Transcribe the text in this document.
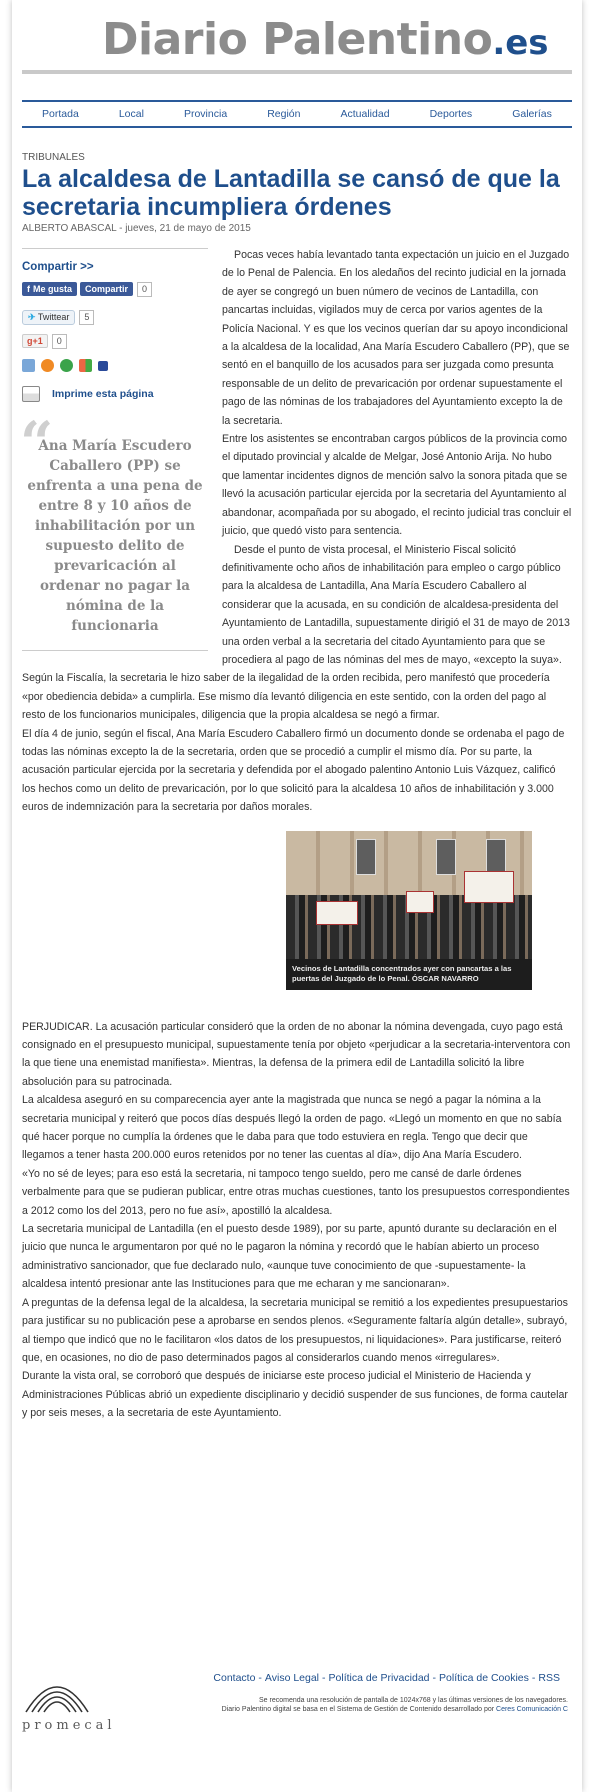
Diario Palentino.es
Portada	Local	Provincia	Región	Actualidad	Deportes	Galerías
TRIBUNALES
La alcaldesa de Lantadilla se cansó de que la secretaria incumpliera órdenes
ALBERTO ABASCAL - jueves, 21 de mayo de 2015
Compartir >>
f Me gusta	Compartir	0
✈ Twittear	5
g+1	0
Imprime esta página
“
Ana María Escudero Caballero (PP) se enfrenta a una pena de entre 8 y 10 años de inhabilitación por un supuesto delito de prevaricación al ordenar no pagar la nómina de la funcionaria

Pocas veces había levantado tanta expectación un juicio en el Juzgado de lo Penal de Palencia. En los aledaños del recinto judicial en la jornada de ayer se congregó un buen número de vecinos de Lantadilla, con pancartas incluidas, vigilados muy de cerca por varios agentes de la Policía Nacional. Y es que los vecinos querían dar su apoyo incondicional a la alcaldesa de la localidad, Ana María Escudero Caballero (PP), que se sentó en el banquillo de los acusados para ser juzgada como presunta responsable de un delito de prevaricación por ordenar supuestamente el pago de las nóminas de los trabajadores del Ayuntamiento excepto la de la secretaria.

Entre los asistentes se encontraban cargos públicos de la provincia como el diputado provincial y alcalde de Melgar, José Antonio Arija. No hubo que lamentar incidentes dignos de mención salvo la sonora pitada que se llevó la acusación particular ejercida por la secretaria del Ayuntamiento al abandonar, acompañada por su abogado, el recinto judicial tras concluir el juicio, que quedó visto para sentencia.

Desde el punto de vista procesal, el Ministerio Fiscal solicitó definitivamente ocho años de inhabilitación para empleo o cargo público para la alcaldesa de Lantadilla, Ana María Escudero Caballero al considerar que la acusada, en su condición de alcaldesa-presidenta del Ayuntamiento de Lantadilla, supuestamente dirigió el 31 de mayo de 2013 una orden verbal a la secretaria del citado Ayuntamiento para que se procediera al pago de las nóminas del mes de mayo, «excepto la suya». Según la Fiscalía, la secretaria le hizo saber de la ilegalidad de la orden recibida, pero manifestó que procedería «por obediencia debida» a cumplirla. Ese mismo día levantó diligencia en este sentido, con la orden del pago al resto de los funcionarios municipales, diligencia que la propia alcaldesa se negó a firmar.

El día 4 de junio, según el fiscal, Ana María Escudero Caballero firmó un documento donde se ordenaba el pago de todas las nóminas excepto la de la secretaria, orden que se procedió a cumplir el mismo día. Por su parte, la acusación particular ejercida por la secretaria y defendida por el abogado palentino Antonio Luis Vázquez, calificó los hechos como un delito de prevaricación, por lo que solicitó para la alcaldesa 10 años de inhabilitación y 3.000 euros de indemnización para la secretaria por daños morales.

Vecinos de Lantadilla concentrados ayer con pancartas a las puertas del Juzgado de lo Penal. ÓSCAR NAVARRO

PERJUDICAR. La acusación particular consideró que la orden de no abonar la nómina devengada, cuyo pago está consignado en el presupuesto municipal, supuestamente tenía por objeto «perjudicar a la secretaria-interventora con la que tiene una enemistad manifiesta». Mientras, la defensa de la primera edil de Lantadilla solicitó la libre absolución para su patrocinada.

La alcaldesa aseguró en su comparecencia ayer ante la magistrada que nunca se negó a pagar la nómina a la secretaria municipal y reiteró que pocos días después llegó la orden de pago. «Llegó un momento en que no sabía qué hacer porque no cumplía la órdenes que le daba para que todo estuviera en regla. Tengo que decir que llegamos a tener hasta 200.000 euros retenidos por no tener las cuentas al día», dijo Ana María Escudero.

«Yo no sé de leyes; para eso está la secretaria, ni tampoco tengo sueldo, pero me cansé de darle órdenes verbalmente para que se pudieran publicar, entre otras muchas cuestiones, tanto los presupuestos correspondientes a 2012 como los del 2013, pero no fue así», apostilló la alcaldesa.

La secretaria municipal de Lantadilla (en el puesto desde 1989), por su parte, apuntó durante su declaración en el juicio que nunca le argumentaron por qué no le pagaron la nómina y recordó que le habían abierto un proceso administrativo sancionador, que fue declarado nulo, «aunque tuve conocimiento de que -supuestamente- la alcaldesa intentó presionar ante las Instituciones para que me echaran y me sancionaran».

A preguntas de la defensa legal de la alcaldesa, la secretaria municipal se remitió a los expedientes presupuestarios para justificar su no publicación pese a aprobarse en sendos plenos. «Seguramente faltaría algún detalle», subrayó, al tiempo que indicó que no le facilitaron «los datos de los presupuestos, ni liquidaciones». Para justificarse, reiteró que, en ocasiones, no dio de paso determinados pagos al considerarlos cuando menos «irregulares».

Durante la vista oral, se corroboró que después de iniciarse este proceso judicial el Ministerio de Hacienda y Administraciones Públicas abrió un expediente disciplinario y decidió suspender de sus funciones, de forma cautelar y por seis meses, a la secretaria de este Ayuntamiento.

promecal
Contacto - Aviso Legal - Política de Privacidad - Política de Cookies - RSS
Se recomenda una resolución de pantalla de 1024x768 y las últimas versiones de los navegadores.
Diario Palentino digital se basa en el Sistema de Gestión de Contenido desarrollado por Ceres Comunicación C
